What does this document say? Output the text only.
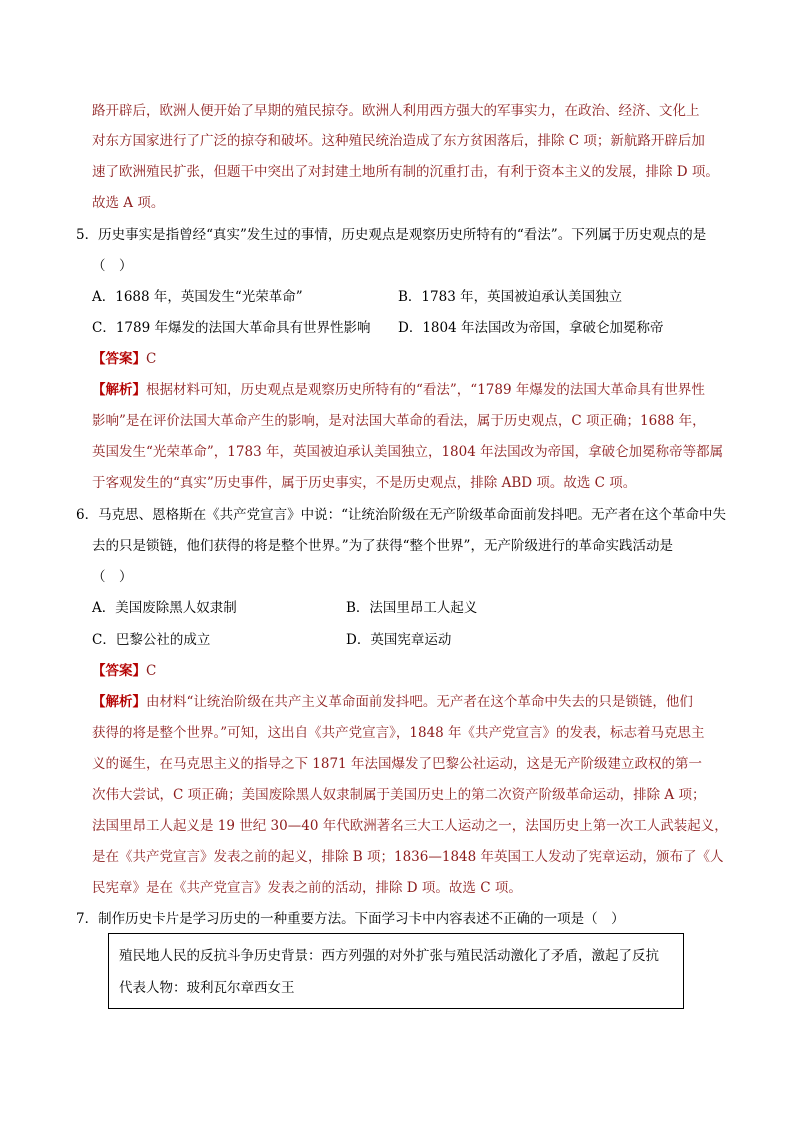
路开辟后，欧洲人便开始了早期的殖民掠夺。欧洲人利用西方强大的军事实力，在政治、经济、文化上
对东方国家进行了广泛的掠夺和破坏。这种殖民统治造成了东方贫困落后，排除 C 项；新航路开辟后加
速了欧洲殖民扩张，但题干中突出了对封建土地所有制的沉重打击，有利于资本主义的发展，排除 D 项。
故选 A 项。
5．历史事实是指曾经“真实”发生过的事情，历史观点是观察历史所特有的“看法”。下列属于历史观点的是
（　）
A．1688 年，英国发生“光荣革命”	B．1783 年，英国被迫承认美国独立
C．1789 年爆发的法国大革命具有世界性影响 D．1804 年法国改为帝国，拿破仑加冕称帝
【答案】C
【解析】根据材料可知，历史观点是观察历史所特有的“看法”，“1789 年爆发的法国大革命具有世界性
影响”是在评价法国大革命产生的影响，是对法国大革命的看法，属于历史观点，C 项正确；1688 年，
英国发生“光荣革命”，1783 年，英国被迫承认美国独立，1804 年法国改为帝国，拿破仑加冕称帝等都属
于客观发生的“真实”历史事件，属于历史事实，不是历史观点，排除 ABD 项。故选 C 项。
6．马克思、恩格斯在《共产党宣言》中说：“让统治阶级在无产阶级革命面前发抖吧。无产者在这个革命中失
去的只是锁链，他们获得的将是整个世界。”为了获得“整个世界”，无产阶级进行的革命实践活动是
（　）
A．美国废除黑人奴隶制	B．法国里昂工人起义
C．巴黎公社的成立	D．英国宪章运动
【答案】C
【解析】由材料“让统治阶级在共产主义革命面前发抖吧。无产者在这个革命中失去的只是锁链，他们
获得的将是整个世界。”可知，这出自《共产党宣言》，1848 年《共产党宣言》的发表，标志着马克思主
义的诞生，在马克思主义的指导之下 1871 年法国爆发了巴黎公社运动，这是无产阶级建立政权的第一
次伟大尝试，C 项正确；美国废除黑人奴隶制属于美国历史上的第二次资产阶级革命运动，排除 A 项；
法国里昂工人起义是 19 世纪 30—40 年代欧洲著名三大工人运动之一，法国历史上第一次工人武装起义，
是在《共产党宣言》发表之前的起义，排除 B 项；1836—1848 年英国工人发动了宪章运动，颁布了《人
民宪章》是在《共产党宣言》发表之前的活动，排除 D 项。故选 C 项。
7．制作历史卡片是学习历史的一种重要方法。下面学习卡中内容表述不正确的一项是（　）
殖民地人民的反抗斗争历史背景：西方列强的对外扩张与殖民活动激化了矛盾，激起了反抗
代表人物：玻利瓦尔章西女王
